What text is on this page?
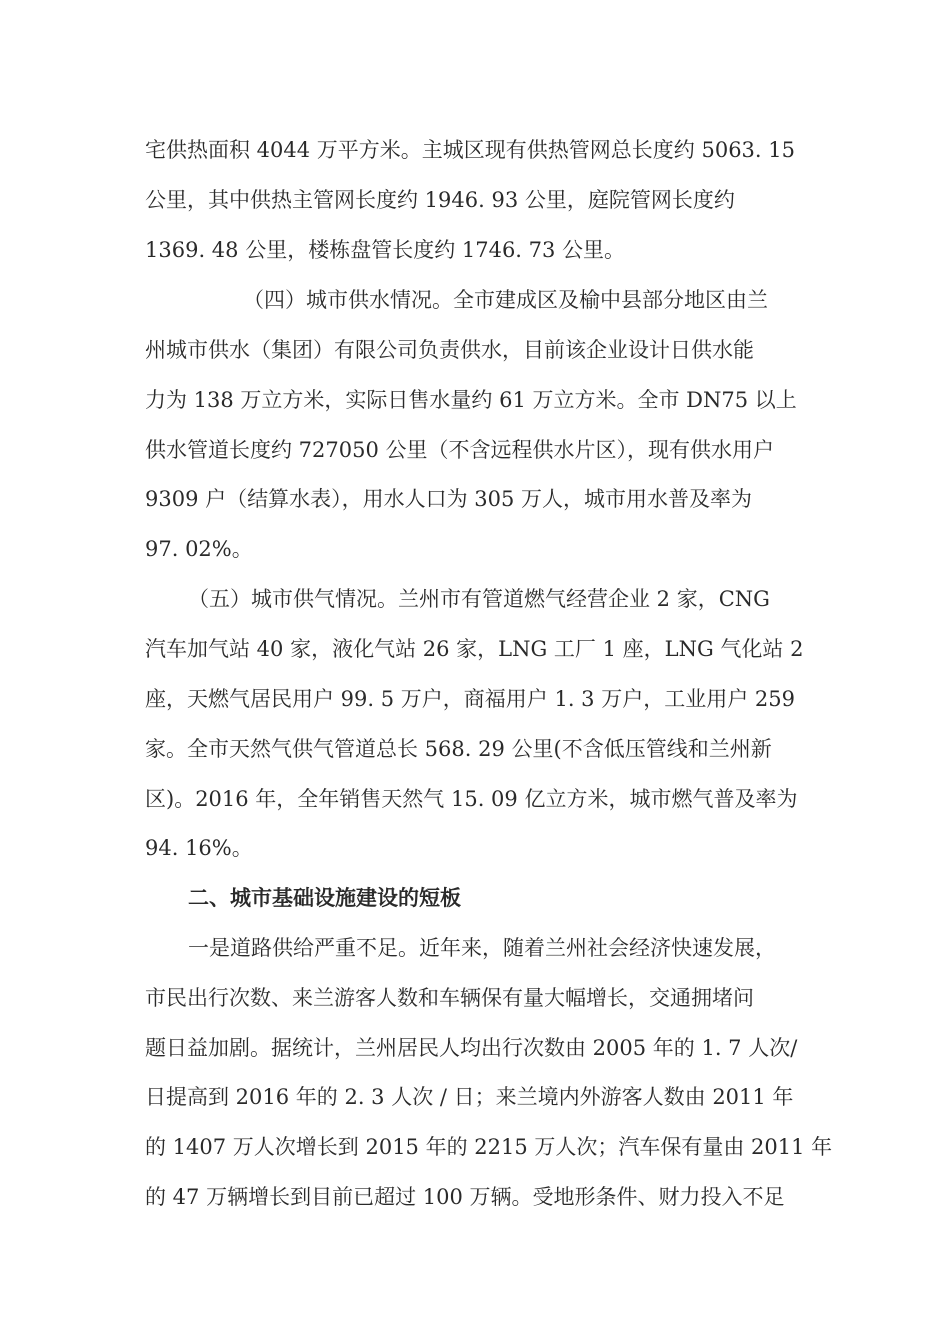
宅供热面积 4044 万平方米。主城区现有供热管网总长度约 5063. 15
公里，其中供热主管网长度约 1946. 93 公里，庭院管网长度约
1369. 48 公里，楼栋盘管长度约 1746. 73 公里。
（四）城市供水情况。全市建成区及榆中县部分地区由兰
州城市供水（集团）有限公司负责供水，目前该企业设计日供水能
力为 138 万立方米，实际日售水量约 61 万立方米。全市 DN75 以上
供水管道长度约 727050 公里（不含远程供水片区），现有供水用户
9309 户（结算水表），用水人口为 305 万人，城市用水普及率为
97. 02%。
（五）城市供气情况。兰州市有管道燃气经营企业 2 家，CNG
汽车加气站 40 家，液化气站 26 家，LNG 工厂 1 座，LNG 气化站 2
座，天燃气居民用户 99. 5 万户，商福用户 1. 3 万户，工业用户 259
家。全市天然气供气管道总长 568. 29 公里(不含低压管线和兰州新
区)。2016 年，全年销售天然气 15. 09 亿立方米，城市燃气普及率为
94. 16%。
二、城市基础设施建设的短板
一是道路供给严重不足。近年来，随着兰州社会经济快速发展，
市民出行次数、来兰游客人数和车辆保有量大幅增长，交通拥堵问
题日益加剧。据统计，兰州居民人均出行次数由 2005 年的 1. 7 人次/
日提高到 2016 年的 2. 3 人次 / 日；来兰境内外游客人数由 2011 年
的 1407 万人次增长到 2015 年的 2215 万人次；汽车保有量由 2011 年
的 47 万辆增长到目前已超过 100 万辆。受地形条件、财力投入不足
